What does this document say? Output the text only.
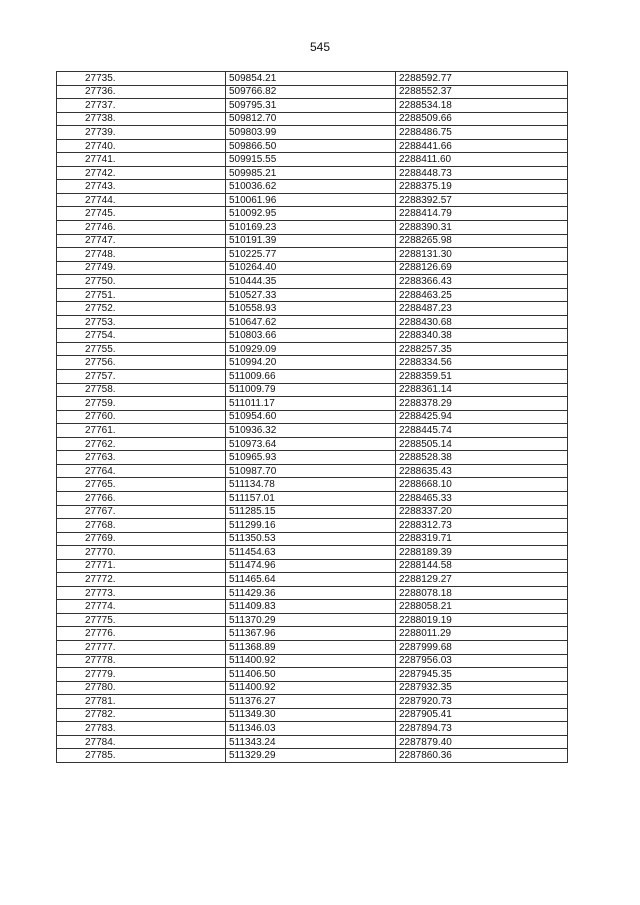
545
27735.	509854.21	2288592.77
27736.	509766.82	2288552.37
27737.	509795.31	2288534.18
27738.	509812.70	2288509.66
27739.	509803.99	2288486.75
27740.	509866.50	2288441.66
27741.	509915.55	2288411.60
27742.	509985.21	2288448.73
27743.	510036.62	2288375.19
27744.	510061.96	2288392.57
27745.	510092.95	2288414.79
27746.	510169.23	2288390.31
27747.	510191.39	2288265.98
27748.	510225.77	2288131.30
27749.	510264.40	2288126.69
27750.	510444.35	2288366.43
27751.	510527.33	2288463.25
27752.	510558.93	2288487.23
27753.	510647.62	2288430.68
27754.	510803.66	2288340.38
27755.	510929.09	2288257.35
27756.	510994.20	2288334.56
27757.	511009.66	2288359.51
27758.	511009.79	2288361.14
27759.	511011.17	2288378.29
27760.	510954.60	2288425.94
27761.	510936.32	2288445.74
27762.	510973.64	2288505.14
27763.	510965.93	2288528.38
27764.	510987.70	2288635.43
27765.	511134.78	2288668.10
27766.	511157.01	2288465.33
27767.	511285.15	2288337.20
27768.	511299.16	2288312.73
27769.	511350.53	2288319.71
27770.	511454.63	2288189.39
27771.	511474.96	2288144.58
27772.	511465.64	2288129.27
27773.	511429.36	2288078.18
27774.	511409.83	2288058.21
27775.	511370.29	2288019.19
27776.	511367.96	2288011.29
27777.	511368.89	2287999.68
27778.	511400.92	2287956.03
27779.	511406.50	2287945.35
27780.	511400.92	2287932.35
27781.	511376.27	2287920.73
27782.	511349.30	2287905.41
27783.	511346.03	2287894.73
27784.	511343.24	2287879.40
27785.	511329.29	2287860.36
